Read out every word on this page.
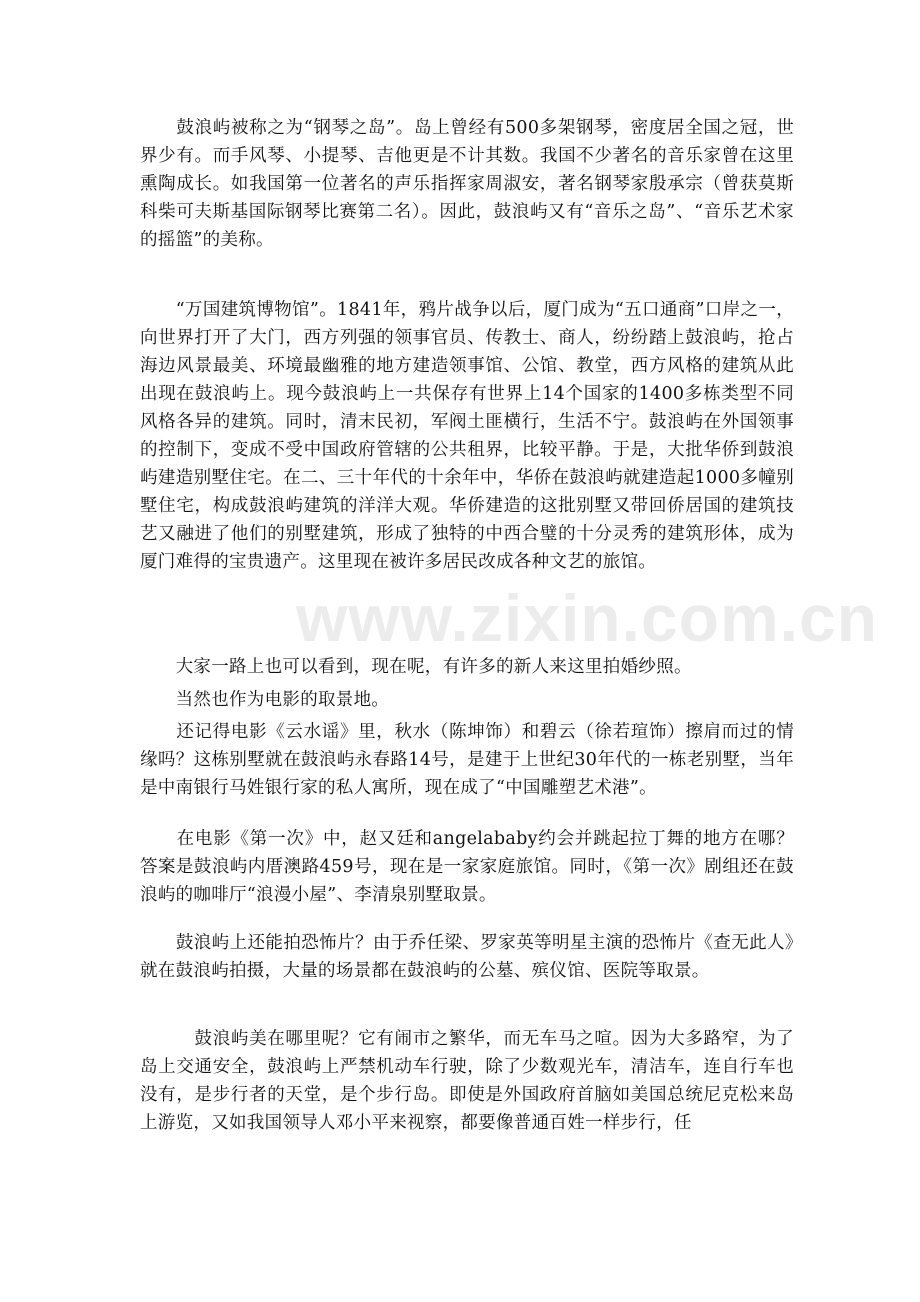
　　鼓浪屿被称之为“钢琴之岛”。岛上曾经有500多架钢琴，密度居全国之冠，世界少有。而手风琴、小提琴、吉他更是不计其数。我国不少著名的音乐家曾在这里熏陶成长。如我国第一位著名的声乐指挥家周淑安，著名钢琴家殷承宗（曾获莫斯科柴可夫斯基国际钢琴比赛第二名）。因此，鼓浪屿又有“音乐之岛”、“音乐艺术家的摇篮”的美称。

　　“万国建筑博物馆”。1841年，鸦片战争以后，厦门成为“五口通商”口岸之一，向世界打开了大门，西方列强的领事官员、传教士、商人，纷纷踏上鼓浪屿，抢占海边风景最美、环境最幽雅的地方建造领事馆、公馆、教堂，西方风格的建筑从此出现在鼓浪屿上。现今鼓浪屿上一共保存有世界上14个国家的1400多栋类型不同风格各异的建筑。同时，清末民初，军阀土匪横行，生活不宁。鼓浪屿在外国领事的控制下，变成不受中国政府管辖的公共租界，比较平静。于是，大批华侨到鼓浪屿建造别墅住宅。在二、三十年代的十余年中，华侨在鼓浪屿就建造起1000多幢别墅住宅，构成鼓浪屿建筑的洋洋大观。华侨建造的这批别墅又带回侨居国的建筑技艺又融进了他们的别墅建筑，形成了独特的中西合璧的十分灵秀的建筑形体，成为厦门难得的宝贵遗产。这里现在被许多居民改成各种文艺的旅馆。

　　大家一路上也可以看到，现在呢，有许多的新人来这里拍婚纱照。

　　当然也作为电影的取景地。

　　还记得电影《云水谣》里，秋水（陈坤饰）和碧云（徐若瑄饰）擦肩而过的情缘吗？这栋别墅就在鼓浪屿永春路14号，是建于上世纪30年代的一栋老别墅，当年是中南银行马姓银行家的私人寓所，现在成了“中国雕塑艺术港”。

　　在电影《第一次》中，赵又廷和angelababy约会并跳起拉丁舞的地方在哪？答案是鼓浪屿内厝澳路459号，现在是一家家庭旅馆。同时，《第一次》剧组还在鼓浪屿的咖啡厅“浪漫小屋”、李清泉别墅取景。

　　鼓浪屿上还能拍恐怖片？由于乔任梁、罗家英等明星主演的恐怖片《查无此人》就在鼓浪屿拍摄，大量的场景都在鼓浪屿的公墓、殡仪馆、医院等取景。

　　　鼓浪屿美在哪里呢？它有闹市之繁华，而无车马之喧。因为大多路窄，为了岛上交通安全，鼓浪屿上严禁机动车行驶，除了少数观光车，清洁车，连自行车也没有，是步行者的天堂，是个步行岛。即使是外国政府首脑如美国总统尼克松来岛上游览，又如我国领导人邓小平来视察，都要像普通百姓一样步行，任

www.zixin.com.cn
